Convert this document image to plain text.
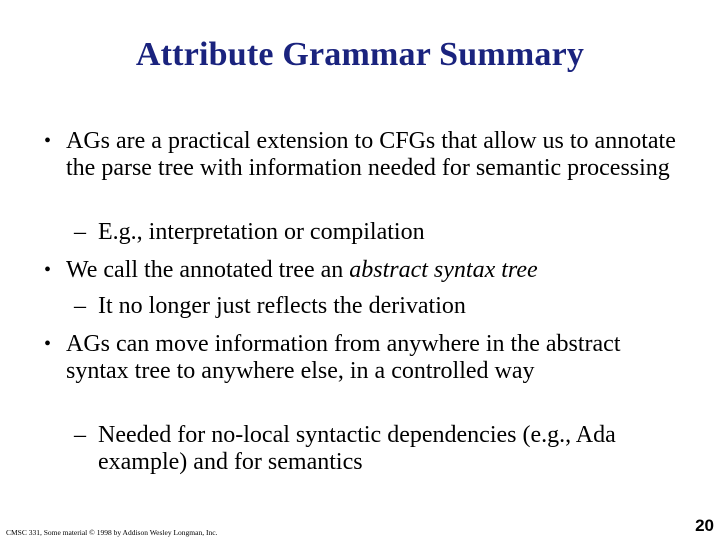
Attribute Grammar Summary
• AGs are a practical extension to CFGs that allow us to annotate the parse tree with information needed for semantic processing
– E.g., interpretation or compilation
• We call the annotated tree an abstract syntax tree
– It no longer just reflects the derivation
• AGs can move information from anywhere in the abstract syntax tree to anywhere else, in a controlled way
– Needed for no-local syntactic dependencies (e.g., Ada example) and for semantics
CMSC 331, Some material © 1998 by Addison Wesley Longman, Inc.	20
